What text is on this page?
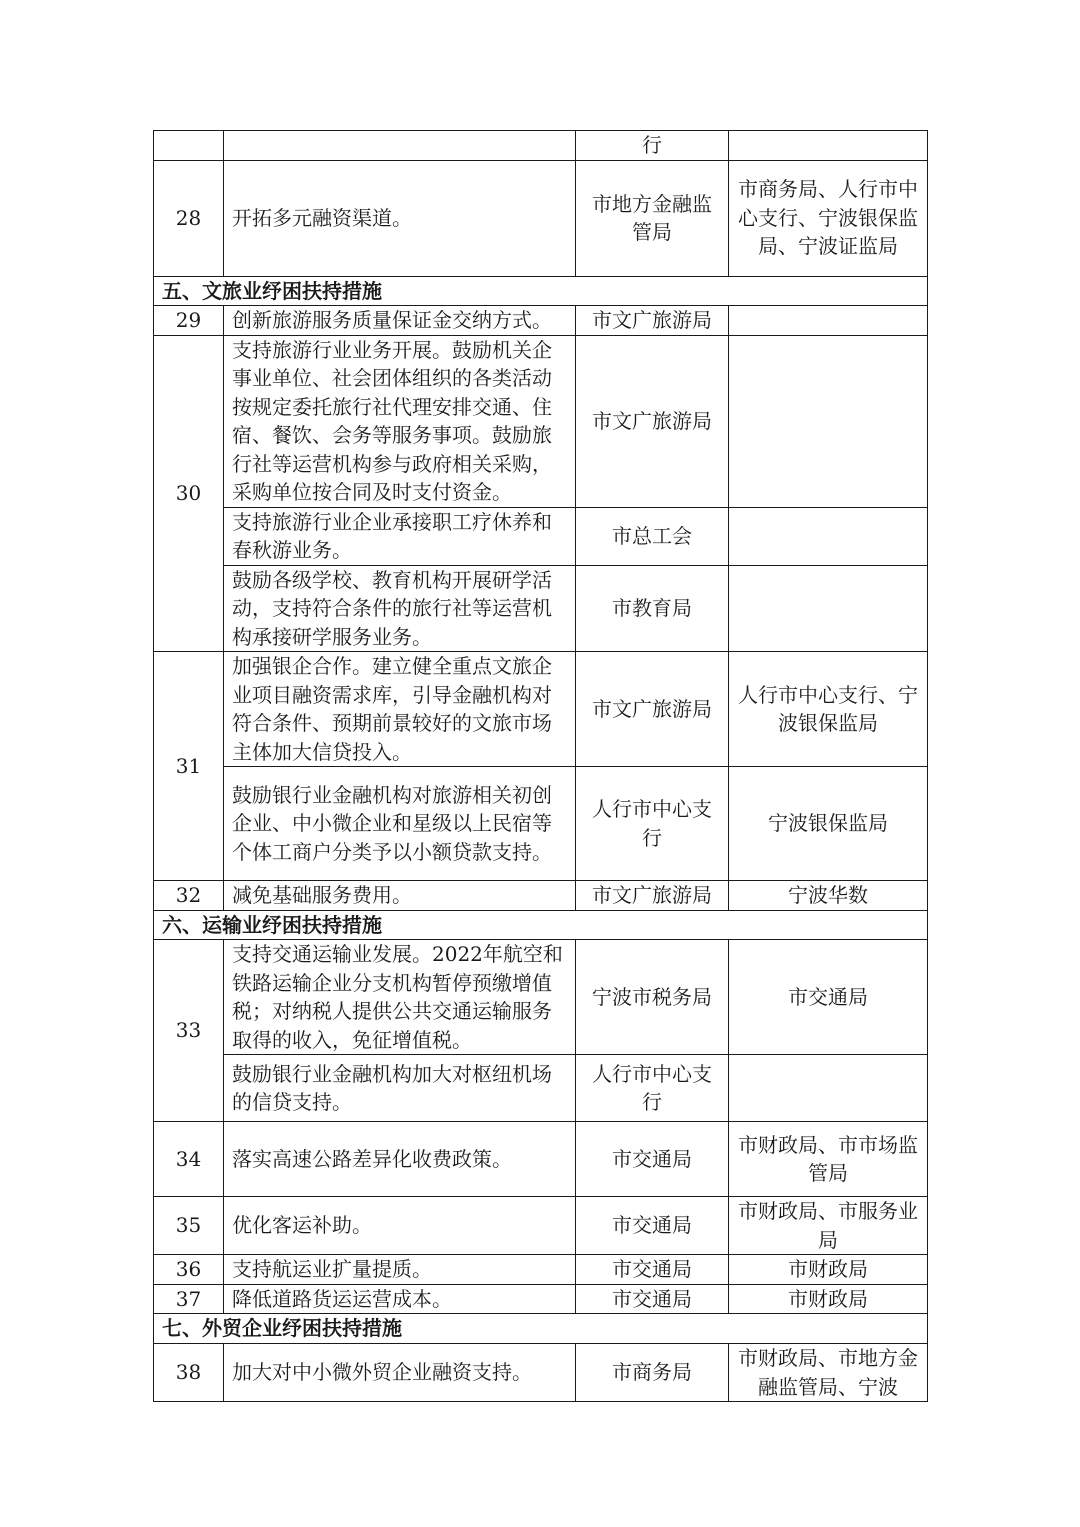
		行	
28	开拓多元融资渠道。	市地方金融监管局	市商务局、人行市中心支行、宁波银保监局、宁波证监局
五、文旅业纾困扶持措施			
29	创新旅游服务质量保证金交纳方式。	市文广旅游局	
30	支持旅游行业业务开展。鼓励机关企事业单位、社会团体组织的各类活动按规定委托旅行社代理安排交通、住宿、餐饮、会务等服务事项。鼓励旅行社等运营机构参与政府相关采购，采购单位按合同及时支付资金。	市文广旅游局	
	支持旅游行业企业承接职工疗休养和春秋游业务。	市总工会	
	鼓励各级学校、教育机构开展研学活动，支持符合条件的旅行社等运营机构承接研学服务业务。	市教育局	
31	加强银企合作。建立健全重点文旅企业项目融资需求库，引导金融机构对符合条件、预期前景较好的文旅市场主体加大信贷投入。	市文广旅游局	人行市中心支行、宁波银保监局
	鼓励银行业金融机构对旅游相关初创企业、中小微企业和星级以上民宿等个体工商户分类予以小额贷款支持。	人行市中心支行	宁波银保监局
32	减免基础服务费用。	市文广旅游局	宁波华数
六、运输业纾困扶持措施			
33	支持交通运输业发展。2022年航空和铁路运输企业分支机构暂停预缴增值税；对纳税人提供公共交通运输服务取得的收入，免征增值税。	宁波市税务局	市交通局
	鼓励银行业金融机构加大对枢纽机场的信贷支持。	人行市中心支行	
34	落实高速公路差异化收费政策。	市交通局	市财政局、市市场监管局
35	优化客运补助。	市交通局	市财政局、市服务业局
36	支持航运业扩量提质。	市交通局	市财政局
37	降低道路货运运营成本。	市交通局	市财政局
七、外贸企业纾困扶持措施			
38	加大对中小微外贸企业融资支持。	市商务局	市财政局、市地方金融监管局、宁波
